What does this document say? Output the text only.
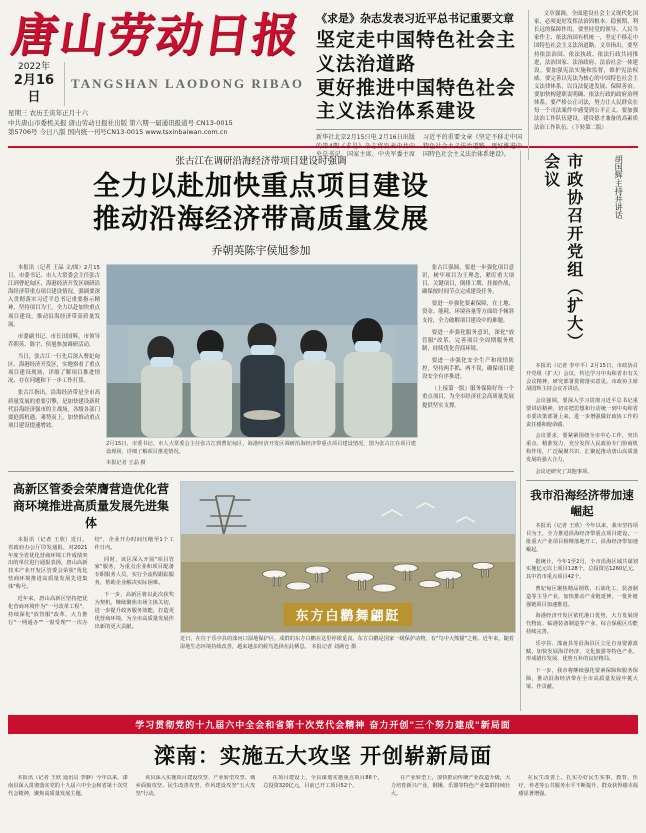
唐山劳动日报
2022年
2月16日
TANGSHAN LAODONG RIBAO
星期三 农历壬寅年正月十六
中共唐山市委机关报 唐山劳动日报社出版 第六期一届通讯报道号 CN13-0015
第5706号 今日八版 国内统一刊号CN13-0015 www.tsxinbaiwan.com.cn
《求是》杂志发表习近平总书记重要文章
坚定走中国特色社会主义法治道路
更好推进中国特色社会主义法治体系建设
新华社北京2月15日电 2月16日出版的第4期《求是》杂志将发表中共中央总书记、国家主席、中央军委主席习近平的重要文章《坚定不移走中国特色社会主义法治道路，更好推进中国特色社会主义法治体系建设》。

文章强调，全面建设社会主义现代化国家，必须更好发挥法治固根本、稳预期、利长远的保障作用。要坚持党的领导、人民当家作主、依法治国有机统一，坚定不移走中国特色社会主义法治道路。文章指出，要坚持依法治国、依法执政、依法行政共同推进，法治国家、法治政府、法治社会一体建设。要加强宪法实施和监督，维护宪法权威。要完善以宪法为核心的中国特色社会主义法律体系，以良法促进发展、保障善治。要加快构建职责明确、依法行政的政府治理体系。要严格公正司法，努力让人民群众在每一个司法案件中感受到公平正义。要加强法治工作队伍建设，建设德才兼备的高素质法治工作队伍。（下转第二版）

张古江在调研沿海经济带项目建设时强调
全力以赴加快重点项目建设
推动沿海经济带高质量发展
乔朝英陈宇侯旭参加

本报讯（记者 王晶 文/图）2月15日，市委书记、市人大常委会主任张古江到曹妃甸区、海港经济开发区调研沿海经济带重点项目建设情况，强调要深入贯彻落实习近平总书记重要指示精神，坚持项目为王，全力以赴加快重点项目建设，推动沿海经济带高质量发展。

市委副书记、市长田国辉，市领导乔朝英、陈宇、侯旭参加调研活动。

当日，张古江一行先后深入曹妃甸区、海港经济开发区，实地察看了重点项目建设现场，详细了解项目推进情况、存在问题和下一步工作打算。

张古江指出，沿海经济带是全市高质量发展的重要引擎，是加快建设新时代沿海经济强市的主战场。各级各部门要抢抓机遇、乘势而上，加快推动重点项目建设提速增效。

2月15日，市委书记、市人大常委会主任张古江到曹妃甸区、海港经济开发区调研沿海经济带重点项目建设情况。图为张古江在项目建设现场，详细了解项目推进情况。
本报记者 王晶 摄

张古江强调，要进一步强化项目意识，树牢项目为王理念，紧盯重大项目、关键项目，倒排工期、挂图作战，确保按时间节点完成建设任务。

要进一步强化要素保障，在土地、资金、能耗、环境容量等方面给予倾斜支持，全力破解项目建设中的难题。

要进一步强化服务意识，深化"放管服"改革，完善项目全周期服务机制，持续优化营商环境。

要进一步强化安全生产和疫情防控，坚持两手抓、两不误，确保项目建设安全有序推进。

（上接第一版）服务保障好每一个重点项目，为全市经济社会高质量发展提供坚实支撑。

高新区管委会荣膺营造优化营商环境推进高质量发展先进集体

本报讯（记者 王欣）近日，省政府办公厅印发通报，对2021年度全省优化营商环境工作成绩突出的单位进行通报表扬，唐山高新技术产业开发区管委会荣获"优化营商环境推进高质量发展先进集体"称号。

近年来，唐山高新区坚持把优化营商环境作为"一号改革工程"，持续深化"放管服"改革，大力推行"一网通办""一窗受理""一次办结"，企业开办时间压缩至1个工作日内。

同时，该区深入开展"项目管家"服务，为重点企业和项目配备专职服务人员，实行全流程跟踪服务，帮助企业解决实际困难。

下一步，高新区将以此次获奖为契机，继续聚焦市场主体关切，进一步提升政务服务效能，打造更优营商环境，为全市高质量发展作出新的更大贡献。

东方白鹳舞翩跹
近日，在位于乐亭县的滦河口湿地保护区，成群的东方白鹳在这里停歇觅食。东方白鹳是国家一级保护动物，有"鸟中大熊猫"之称。近年来，随着湿地生态环境持续改善，越来越多的候鸟选择在此栖息。 本报记者 刘满仓 摄
市政协召开党组（扩大）会议	胡国辉主持并讲话

本报讯（记者 李中平）2月15日，市政协召开党组（扩大）会议，传达学习中央和省市有关会议精神，研究部署贯彻落实意见。市政协主席胡国辉主持会议并讲话。

会议强调，要深入学习贯彻习近平总书记重要讲话精神，切实把思想和行动统一到中央和省市委决策部署上来，进一步增强做好政协工作的责任感和使命感。

会议要求，要紧紧围绕全市中心工作，突出重点、精准发力，充分发挥人民政协专门协商机构作用，广泛凝聚共识，汇聚起推动唐山高质量发展的强大合力。

会议还研究了其他事项。

我市沿海经济带加速崛起

本报讯（记者 王欣）今年以来，我市坚持项目为王，全力推进沿海经济带重点项目建设，一批重大产业项目相继落地开工，沿海经济带加速崛起。

据统计，今年1至2月，全市沿海区域共谋划实施亿元以上项目128个，总投资达1260亿元，其中省市重点项目42个。

曹妃甸区聚焦精品钢铁、石油化工、装备制造等主导产业，加快推动产业链延伸，一批补链强链项目加速推进。

海港经济开发区依托港口优势，大力发展现代物流、临港装备制造等产业，综合保税区功能持续完善。

乐亭县、滦南县等沿海县区立足自身资源禀赋，加快发展海洋经济、文化旅游等特色产业，形成错位发展、优势互补的良好格局。

下一步，我市将继续强化要素保障和服务保障，推动沿海经济带在全市高质量发展中挑大梁、作贡献。

学习贯彻党的十九届六中全会和省第十次党代会精神 奋力开创"三个努力建成"新局面
滦南：实施五大攻坚 开创崭新局面

本报讯（记者 王欣 通讯员 李静）今年以来，滦南县深入贯彻落实党的十九届六中全会和省第十次党代会精神，聚焦高质量发展主题。

该县深入实施项目建设攻坚、产业转型攻坚、城乡面貌攻坚、民生改善攻坚、作风建设攻坚"五大攻坚"行动。

在项目建设上，全县谋划实施重点项目86个，总投资320亿元，目前已开工项目52个。

在产业转型上，加快推动传统产业改造升级，大力培育新兴产业，钢锹、乐器等特色产业集群持续壮大。

在民生改善上，扎实办好民生实事，教育、医疗、养老等公共服务水平不断提升，群众获得感幸福感显著增强。
